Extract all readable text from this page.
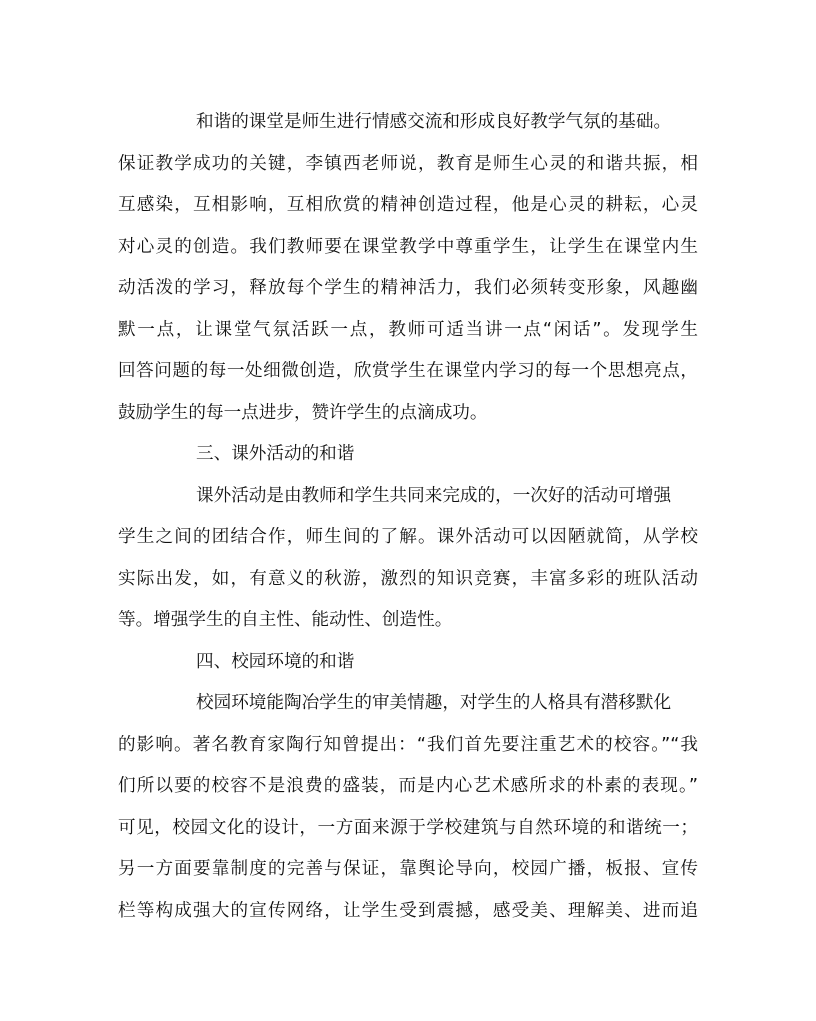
和谐的课堂是师生进行情感交流和形成良好教学气氛的基础。
保证教学成功的关键，李镇西老师说，教育是师生心灵的和谐共振，相
互感染，互相影响，互相欣赏的精神创造过程，他是心灵的耕耘，心灵
对心灵的创造。我们教师要在课堂教学中尊重学生，让学生在课堂内生
动活泼的学习，释放每个学生的精神活力，我们必须转变形象，风趣幽
默一点，让课堂气氛活跃一点，教师可适当讲一点“闲话”。发现学生
回答问题的每一处细微创造，欣赏学生在课堂内学习的每一个思想亮点，
鼓励学生的每一点进步，赞许学生的点滴成功。
三、课外活动的和谐
课外活动是由教师和学生共同来完成的，一次好的活动可增强
学生之间的团结合作，师生间的了解。课外活动可以因陋就简，从学校
实际出发，如，有意义的秋游，激烈的知识竞赛，丰富多彩的班队活动
等。增强学生的自主性、能动性、创造性。
四、校园环境的和谐
校园环境能陶冶学生的审美情趣，对学生的人格具有潜移默化
的影响。著名教育家陶行知曾提出：“我们首先要注重艺术的校容。”“我
们所以要的校容不是浪费的盛装，而是内心艺术感所求的朴素的表现。”
可见，校园文化的设计，一方面来源于学校建筑与自然环境的和谐统一；
另一方面要靠制度的完善与保证，靠舆论导向，校园广播，板报、宣传
栏等构成强大的宣传网络，让学生受到震撼，感受美、理解美、进而追
